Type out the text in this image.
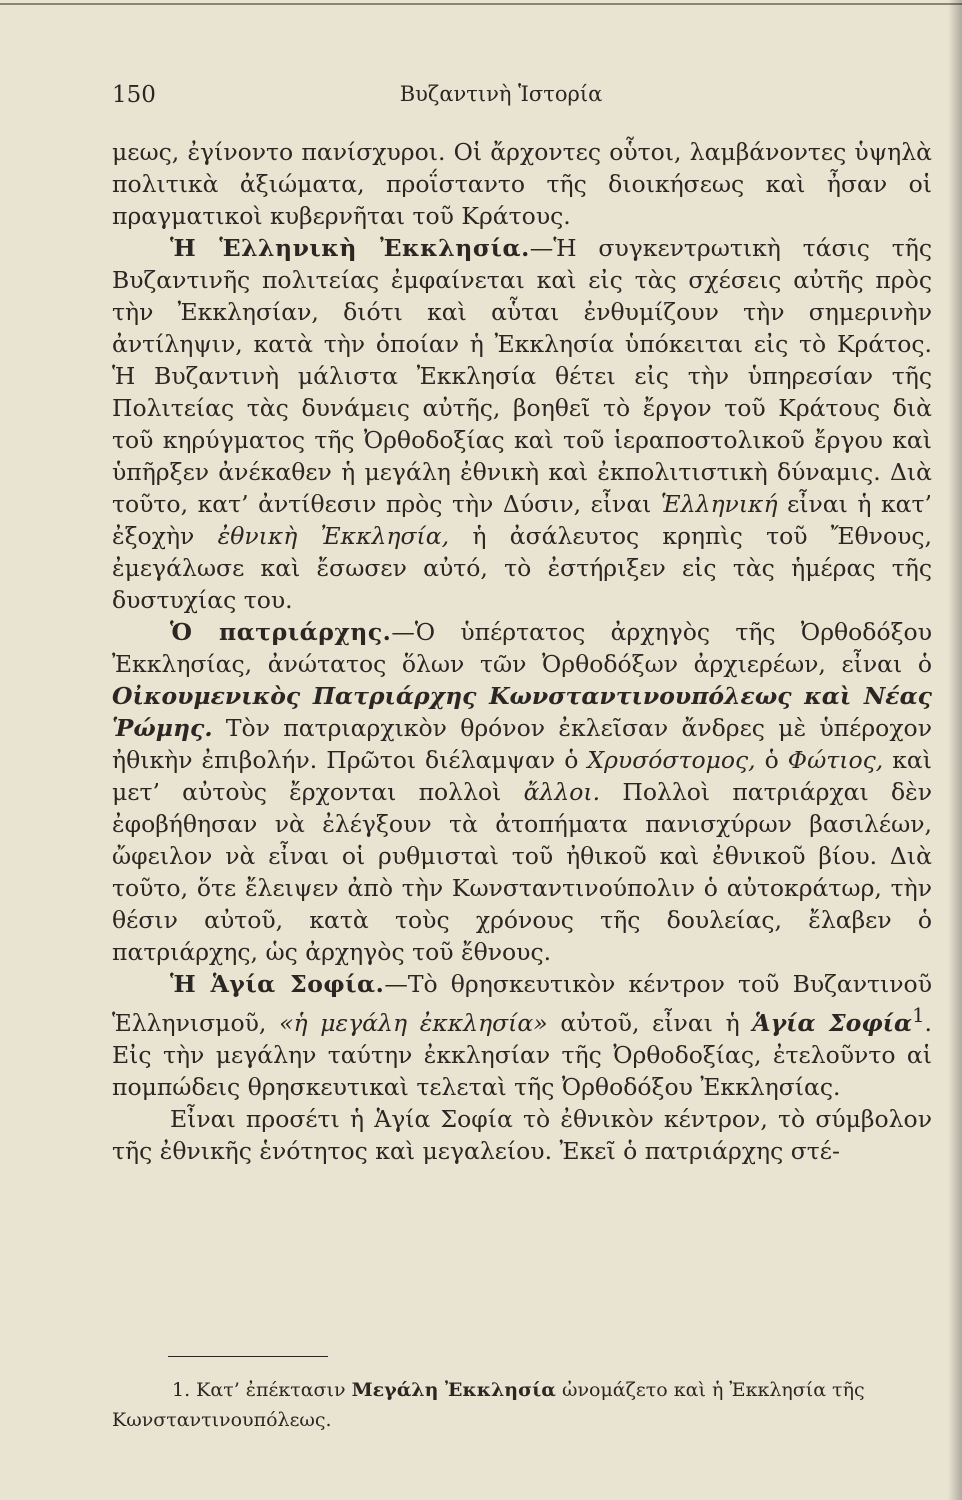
150	Βυζαντινὴ Ἱστορία

μεως, ἐγίνοντο πανίσχυροι. Οἱ ἄρχοντες οὗτοι, λαμβάνοντες ὑψηλὰ πολιτικὰ ἀξιώματα, προΐσταντο τῆς διοικήσεως καὶ ἦσαν οἱ πραγματικοὶ κυβερνῆται τοῦ Κράτους.

Ἡ Ἑλληνικὴ Ἐκκλησία.—Ἡ συγκεντρωτικὴ τάσις τῆς Βυζαντινῆς πολιτείας ἐμφαίνεται καὶ εἰς τὰς σχέσεις αὐτῆς πρὸς τὴν Ἐκκλησίαν, διότι καὶ αὗται ἐνθυμίζουν τὴν σημερινὴν ἀντίληψιν, κατὰ τὴν ὁποίαν ἡ Ἐκκλησία ὑπόκειται εἰς τὸ Κράτος. Ἡ Βυζαντινὴ μάλιστα Ἐκκλησία θέτει εἰς τὴν ὑπηρεσίαν τῆς Πολιτείας τὰς δυνάμεις αὐτῆς, βοηθεῖ τὸ ἔργον τοῦ Κράτους διὰ τοῦ κηρύγματος τῆς Ὀρθοδοξίας καὶ τοῦ ἱεραποστολικοῦ ἔργου καὶ ὑπῆρξεν ἀνέκαθεν ἡ μεγάλη ἐθνικὴ καὶ ἐκπολιτιστικὴ δύναμις. Διὰ τοῦτο, κατ’ ἀντίθεσιν πρὸς τὴν Δύσιν, εἶναι Ἑλληνική εἶναι ἡ κατ’ ἐξοχὴν ἐθνικὴ Ἐκκλησία, ἡ ἀσάλευτος κρηπὶς τοῦ Ἔθνους, ἐμεγάλωσε καὶ ἔσωσεν αὐτό, τὸ ἐστήριξεν εἰς τὰς ἡμέρας τῆς δυστυχίας του.

Ὁ πατριάρχης.—Ὁ ὑπέρτατος ἀρχηγὸς τῆς Ὀρθοδόξου Ἐκκλησίας, ἀνώτατος ὅλων τῶν Ὀρθοδόξων ἀρχιερέων, εἶναι ὁ Οἰκουμενικὸς Πατριάρχης Κωνσταντινουπόλεως καὶ Νέας Ῥώμης. Τὸν πατριαρχικὸν θρόνον ἐκλεῖσαν ἄνδρες μὲ ὑπέροχον ἠθικὴν ἐπιβολήν. Πρῶτοι διέλαμψαν ὁ Χρυσόστομος, ὁ Φώτιος, καὶ μετ’ αὐτοὺς ἔρχονται πολλοὶ ἄλλοι. Πολλοὶ πατριάρχαι δὲν ἐφοβήθησαν νὰ ἐλέγξουν τὰ ἀτοπήματα πανισχύρων βασιλέων, ὤφειλον νὰ εἶναι οἱ ρυθμισταὶ τοῦ ἠθικοῦ καὶ ἐθνικοῦ βίου. Διὰ τοῦτο, ὅτε ἔλειψεν ἀπὸ τὴν Κωνσταντινούπολιν ὁ αὐτοκράτωρ, τὴν θέσιν αὐτοῦ, κατὰ τοὺς χρόνους τῆς δουλείας, ἔλαβεν ὁ πατριάρχης, ὡς ἀρχηγὸς τοῦ ἔθνους.

Ἡ Ἁγία Σοφία.—Τὸ θρησκευτικὸν κέντρον τοῦ Βυζαντινοῦ Ἑλληνισμοῦ, «ἡ μεγάλη ἐκκλησία» αὐτοῦ, εἶναι ἡ Ἁγία Σοφία$^1$. Εἰς τὴν μεγάλην ταύτην ἐκκλησίαν τῆς Ὀρθοδοξίας, ἐτελοῦντο αἱ πομπώδεις θρησκευτικαὶ τελεταὶ τῆς Ὀρθοδόξου Ἐκκλησίας.

Εἶναι προσέτι ἡ Ἁγία Σοφία τὸ ἐθνικὸν κέντρον, τὸ σύμβολον τῆς ἐθνικῆς ἑνότητος καὶ μεγαλείου. Ἐκεῖ ὁ πατριάρχης στέ-

1. Κατ’ ἐπέκτασιν Μεγάλη Ἐκκλησία ὠνομάζετο καὶ ἡ Ἐκκλησία τῆς Κωνσταντινουπόλεως.
